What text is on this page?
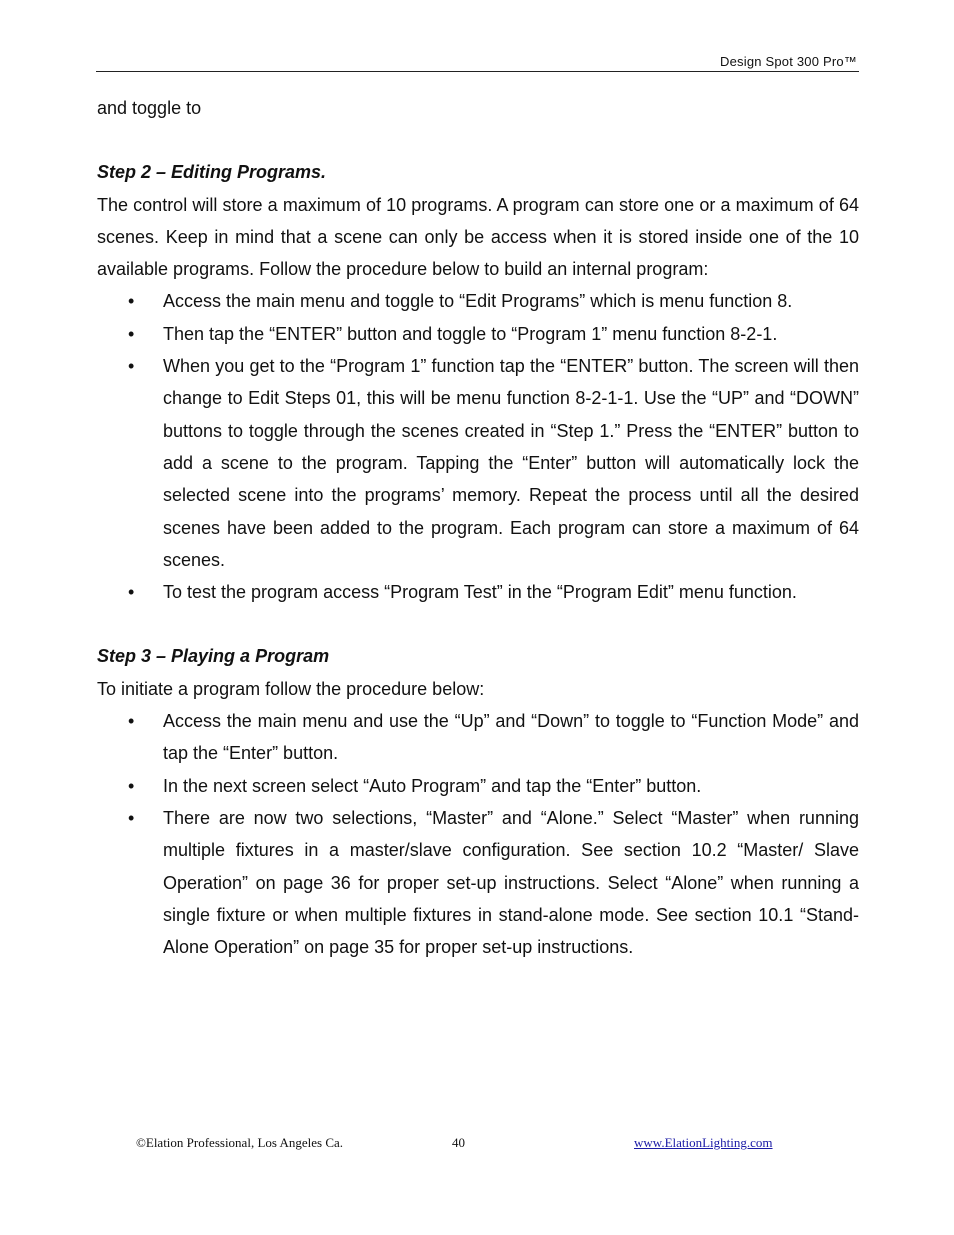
Design Spot 300 Pro™

and toggle to

Step 2 – Editing Programs.

The control will store a maximum of 10 programs. A program can store one or a maximum of 64 scenes. Keep in mind that a scene can only be access when it is stored inside one of the 10 available programs. Follow the procedure below to build an internal program:

• Access the main menu and toggle to “Edit Programs” which is menu function 8.
• Then tap the “ENTER” button and toggle to “Program 1” menu function 8-2-1.
• When you get to the “Program 1” function tap the “ENTER” button. The screen will then change to Edit Steps 01, this will be menu function 8-2-1-1. Use the “UP” and “DOWN” buttons to toggle through the scenes created in “Step 1.” Press the “ENTER” button to add a scene to the program. Tapping the “Enter” button will automatically lock the selected scene into the programs’ memory. Repeat the process until all the desired scenes have been added to the program. Each program can store a maximum of 64 scenes.
• To test the program access “Program Test” in the “Program Edit” menu function.

Step 3 – Playing a Program

To initiate a program follow the procedure below:

• Access the main menu and use the “Up” and “Down” to toggle to “Function Mode” and tap the “Enter” button.
• In the next screen select “Auto Program” and tap the “Enter” button.
• There are now two selections, “Master” and “Alone.” Select “Master” when running multiple fixtures in a master/slave configuration. See section 10.2 “Master/ Slave Operation” on page 36 for proper set-up instructions. Select “Alone” when running a single fixture or when multiple fixtures in stand-alone mode. See section 10.1 “Stand-Alone Operation” on page 35 for proper set-up instructions.
©Elation Professional, Los Angeles Ca.	40	www.ElationLighting.com
